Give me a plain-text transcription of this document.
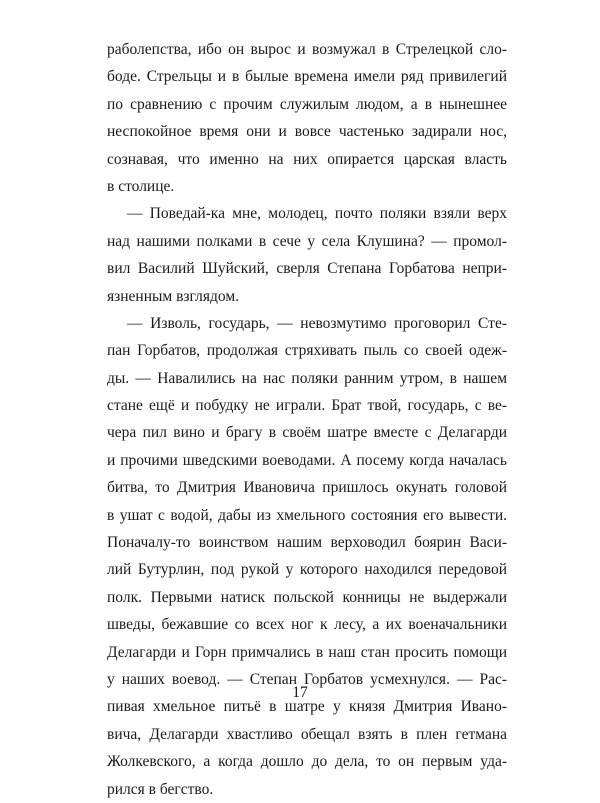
раболепства, ибо он вырос и возмужал в Стрелецкой сло-
боде. Стрельцы и в былые времена имели ряд привилегий
по сравнению с прочим служилым людом, а в нынешнее
неспокойное время они и вовсе частенько задирали нос,
сознавая, что именно на них опирается царская власть
в столице.
— Поведай-ка мне, молодец, почто поляки взяли верх
над нашими полками в сече у села Клушина? — промол-
вил Василий Шуйский, сверля Степана Горбатова непри-
язненным взглядом.
— Изволь, государь, — невозмутимо проговорил Сте-
пан Горбатов, продолжая стряхивать пыль со своей одеж-
ды. — Навалились на нас поляки ранним утром, в нашем
стане ещё и побудку не играли. Брат твой, государь, с ве-
чера пил вино и брагу в своём шатре вместе с Делагарди
и прочими шведскими воеводами. А посему когда началась
битва, то Дмитрия Ивановича пришлось окунать головой
в ушат с водой, дабы из хмельного состояния его вывести.
Поначалу-то воинством нашим верховодил боярин Васи-
лий Бутурлин, под рукой у которого находился передовой
полк. Первыми натиск польской конницы не выдержали
шведы, бежавшие со всех ног к лесу, а их военачальники
Делагарди и Горн примчались в наш стан просить помощи
у наших воевод. — Степан Горбатов усмехнулся. — Рас-
пивая хмельное питьё в шатре у князя Дмитрия Ивано-
вича, Делагарди хвастливо обещал взять в плен гетмана
Жолкевского, а когда дошло до дела, то он первым уда-
рился в бегство.
17
